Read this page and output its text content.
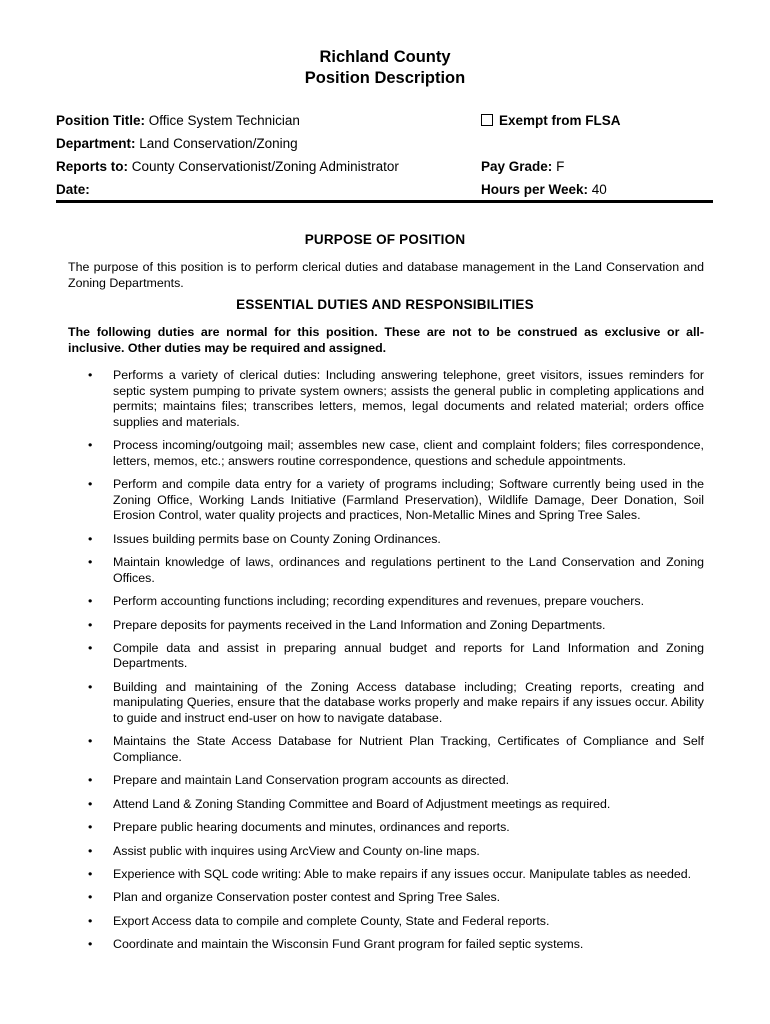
Richland County
Position Description
Position Title: Office System Technician	Exempt from FLSA
Department: Land Conservation/Zoning
Reports to: County Conservationist/Zoning Administrator	Pay Grade: F
Date:	Hours per Week: 40
PURPOSE OF POSITION
The purpose of this position is to perform clerical duties and database management in the Land Conservation and Zoning Departments.
ESSENTIAL DUTIES AND RESPONSIBILITIES
The following duties are normal for this position. These are not to be construed as exclusive or all-inclusive. Other duties may be required and assigned.
• Performs a variety of clerical duties: Including answering telephone, greet visitors, issues reminders for septic system pumping to private system owners; assists the general public in completing applications and permits; maintains files; transcribes letters, memos, legal documents and related material; orders office supplies and materials.
• Process incoming/outgoing mail; assembles new case, client and complaint folders; files correspondence, letters, memos, etc.; answers routine correspondence, questions and schedule appointments.
• Perform and compile data entry for a variety of programs including; Software currently being used in the Zoning Office, Working Lands Initiative (Farmland Preservation), Wildlife Damage, Deer Donation, Soil Erosion Control, water quality projects and practices, Non-Metallic Mines and Spring Tree Sales.
• Issues building permits base on County Zoning Ordinances.
• Maintain knowledge of laws, ordinances and regulations pertinent to the Land Conservation and Zoning Offices.
• Perform accounting functions including; recording expenditures and revenues, prepare vouchers.
• Prepare deposits for payments received in the Land Information and Zoning Departments.
• Compile data and assist in preparing annual budget and reports for Land Information and Zoning Departments.
• Building and maintaining of the Zoning Access database including; Creating reports, creating and manipulating Queries, ensure that the database works properly and make repairs if any issues occur. Ability to guide and instruct end-user on how to navigate database.
• Maintains the State Access Database for Nutrient Plan Tracking, Certificates of Compliance and Self Compliance.
• Prepare and maintain Land Conservation program accounts as directed.
• Attend Land & Zoning Standing Committee and Board of Adjustment meetings as required.
• Prepare public hearing documents and minutes, ordinances and reports.
• Assist public with inquires using ArcView and County on-line maps.
• Experience with SQL code writing: Able to make repairs if any issues occur. Manipulate tables as needed.
• Plan and organize Conservation poster contest and Spring Tree Sales.
• Export Access data to compile and complete County, State and Federal reports.
• Coordinate and maintain the Wisconsin Fund Grant program for failed septic systems.
